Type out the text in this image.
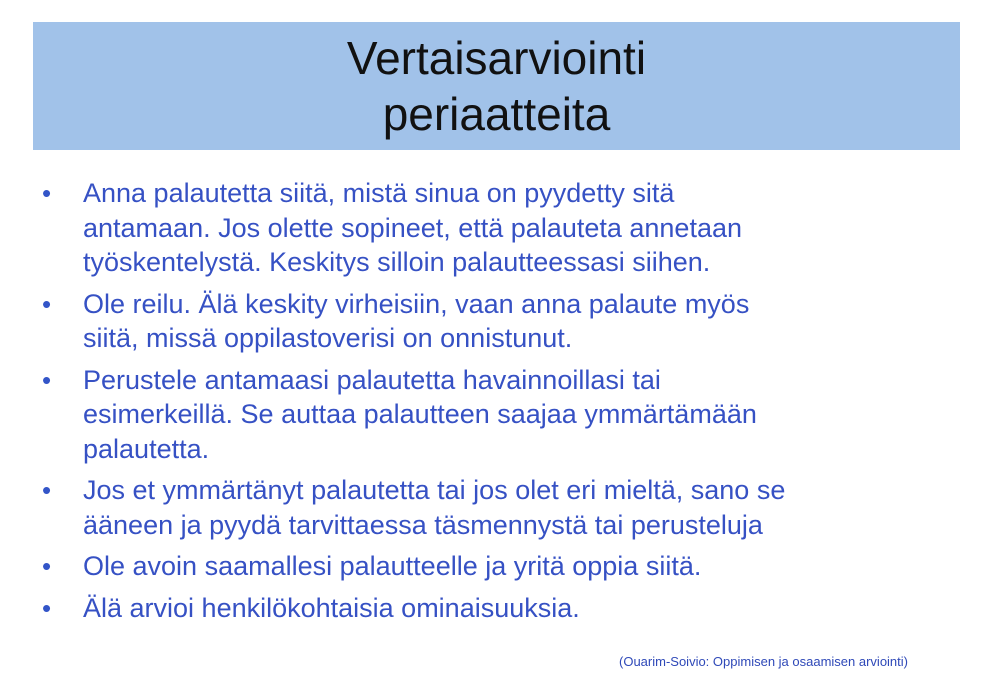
Vertaisarviointi
periaatteita
• Anna palautetta siitä, mistä sinua on pyydetty sitä
antamaan. Jos olette sopineet, että palauteta annetaan
työskentelystä. Keskitys silloin palautteessasi siihen.
• Ole reilu. Älä keskity virheisiin, vaan anna palaute myös
siitä, missä oppilastoverisi on onnistunut.
• Perustele antamaasi palautetta havainnoillasi tai
esimerkeillä. Se auttaa palautteen saajaa ymmärtämään
palautetta.
• Jos et ymmärtänyt palautetta tai jos olet eri mieltä, sano se
ääneen ja pyydä tarvittaessa täsmennystä tai perusteluja
• Ole avoin saamallesi palautteelle ja yritä oppia siitä.
• Älä arvioi henkilökohtaisia ominaisuuksia.
(Ouarim-Soivio: Oppimisen ja osaamisen arviointi)
